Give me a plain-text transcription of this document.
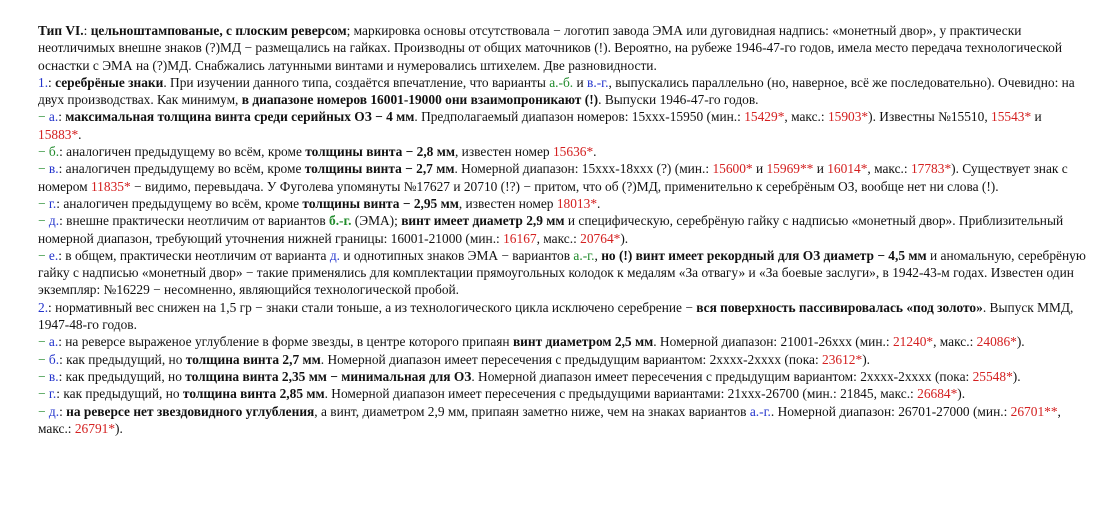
Тип VI.: цельноштампованые, с плоским реверсом; маркировка основы отсутствовала − логотип завода ЭМА или дуговидная надпись: «монетный двор», у практически неотличимых внешне знаков (?)МД − размещались на гайках. Производны от общих маточников (!). Вероятно, на рубеже 1946-47-го годов, имела место передача технологической оснастки с ЭМА на (?)МД. Снабжались латунными винтами и нумеровались штихелем. Две разновидности.

1.: серебрёные знаки. При изучении данного типа, создаётся впечатление, что варианты а.-б. и в.-г., выпускались параллельно (но, наверное, всё же последовательно). Очевидно: на двух производствах. Как минимум, в диапазоне номеров 16001-19000 они взаимопроникают (!). Выпуски 1946-47-го годов.

− а.: максимальная толщина винта среди серийных ОЗ − 4 мм. Предполагаемый диапазон номеров: 15ххх-15950 (мин.: 15429*, макс.: 15903*). Известны №15510, 15543* и 15883*.

− б.: аналогичен предыдущему во всём, кроме толщины винта − 2,8 мм, известен номер 15636*.

− в.: аналогичен предыдущему во всём, кроме толщины винта − 2,7 мм. Номерной диапазон: 15ххх-18ххх (?) (мин.: 15600* и 15969** и 16014*, макс.: 17783*). Существует знак с номером 11835* − видимо, перевыдача. У Фуголева упомянуты №17627 и 20710 (!?) − притом, что об (?)МД, применительно к серебрёным ОЗ, вообще нет ни слова (!).

− г.: аналогичен предыдущему во всём, кроме толщины винта − 2,95 мм, известен номер 18013*.

− д.: внешне практически неотличим от вариантов б.-г. (ЭМА); винт имеет диаметр 2,9 мм и специфическую, серебрёную гайку с надписью «монетный двор». Приблизительный номерной диапазон, требующий уточнения нижней границы: 16001-21000 (мин.: 16167, макс.: 20764*).

− е.: в общем, практически неотличим от варианта д. и однотипных знаков ЭМА − вариантов а.-г., но (!) винт имеет рекордный для ОЗ диаметр − 4,5 мм и аномальную, серебрёную гайку с надписью «монетный двор» − такие применялись для комплектации прямоугольных колодок к медалям «За отвагу» и «За боевые заслуги», в 1942-43-м годах. Известен один экземпляр: №16229 − несомненно, являющийся технологической пробой.

2.: нормативный вес снижен на 1,5 гр − знаки стали тоньше, а из технологического цикла исключено серебрение − вся поверхность пассивировалась «под золото». Выпуск ММД, 1947-48-го годов.

− а.: на реверсе выраженое углубление в форме звезды, в центре которого припаян винт диаметром 2,5 мм. Номерной диапазон: 21001-26ххх (мин.: 21240*, макс.: 24086*).

− б.: как предыдущий, но толщина винта 2,7 мм. Номерной диапазон имеет пересечения с предыдущим вариантом: 2хххх-2хххх (пока: 23612*).

− в.: как предыдущий, но толщина винта 2,35 мм − минимальная для ОЗ. Номерной диапазон имеет пересечения с предыдущим вариантом: 2хххх-2хххх (пока: 25548*).

− г.: как предыдущий, но толщина винта 2,85 мм. Номерной диапазон имеет пересечения с предыдущими вариантами: 21ххх-26700 (мин.: 21845, макс.: 26684*).

− д.: на реверсе нет звездовидного углубления, а винт, диаметром 2,9 мм, припаян заметно ниже, чем на знаках вариантов а.-г.. Номерной диапазон: 26701-27000 (мин.: 26701**, макс.: 26791*).
